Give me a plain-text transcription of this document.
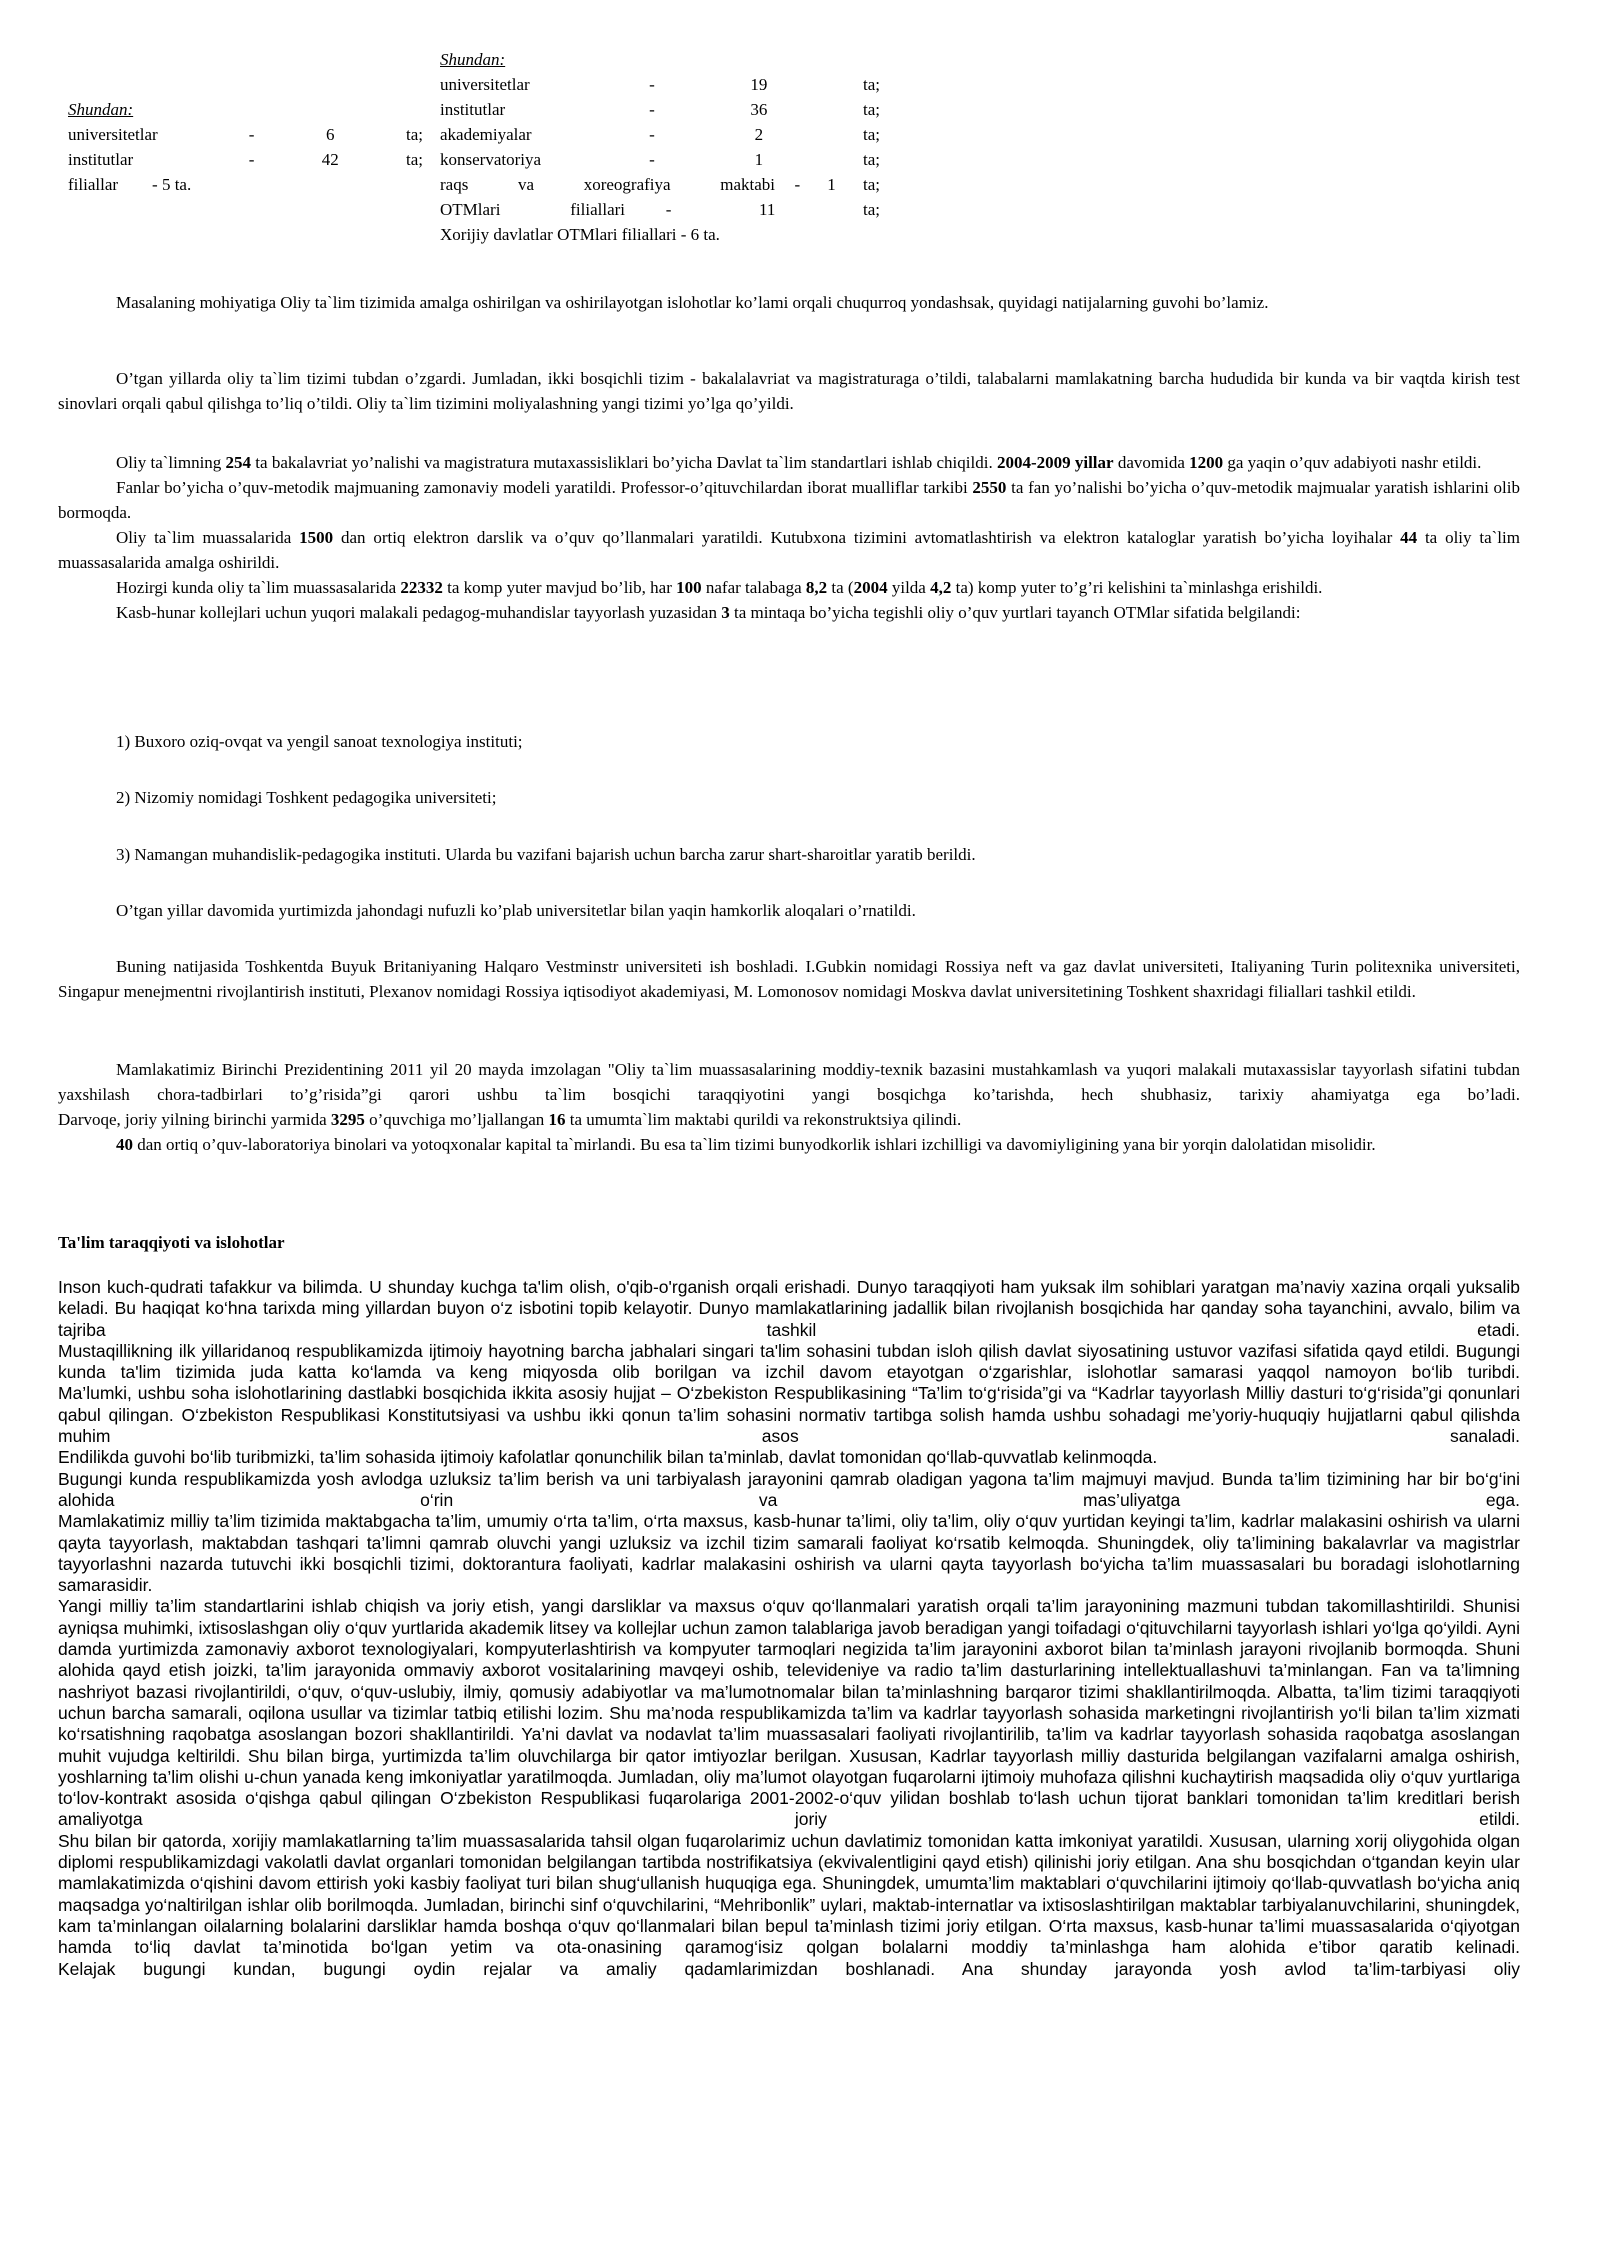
Shundan:
universitetlar	-	6	ta;
institutlar	-	42	ta;
filiallar        - 5 ta.
Shundan:
universitetlar	-	19	ta;
institutlar	-	36	ta;
akademiyalar	-	2	ta;
konservatoriya	-	1	ta;
raqs va xoreografiya maktabi -	1	ta;
OTMlari filiallari -	11	ta;
Xorijiy davlatlar OTMlari filiallari - 6 ta.

Masalaning mohiyatiga Oliy ta`lim tizimida amalga oshirilgan va oshirilayotgan islohotlar ko’lami orqali chuqurroq yondashsak, quyidagi natijalarning guvohi bo’lamiz.

O’tgan yillarda oliy ta`lim tizimi tubdan o’zgardi. Jumladan, ikki bosqichli tizim - bakalalavriat va magistraturaga o’tildi, talabalarni mamlakatning barcha hududida bir kunda va bir vaqtda kirish test sinovlari orqali qabul qilishga to’liq o’tildi. Oliy ta`lim tizimini moliyalashning yangi tizimi yo’lga qo’yildi.

Oliy ta`limning 254 ta bakalavriat yo’nalishi va magistratura mutaxassisliklari bo’yicha Davlat ta`lim standartlari ishlab chiqildi. 2004-2009 yillar davomida 1200 ga yaqin o’quv adabiyoti nashr etildi.

Fanlar bo’yicha o’quv-metodik majmuaning zamonaviy modeli yaratildi. Professor-o’qituvchilardan iborat mualliflar tarkibi 2550 ta fan yo’nalishi bo’yicha o’quv-metodik majmualar yaratish ishlarini olib bormoqda.

Oliy ta`lim muassalarida 1500 dan ortiq elektron darslik va o’quv qo’llanmalari yaratildi. Kutubxona tizimini avtomatlashtirish va elektron kataloglar yaratish bo’yicha loyihalar 44 ta oliy ta`lim muassasalarida amalga oshirildi.

Hozirgi kunda oliy ta`lim muassasalarida 22332 ta komp yuter mavjud bo’lib, har 100 nafar talabaga 8,2 ta (2004 yilda 4,2 ta) komp yuter to’g’ri kelishini ta`minlashga erishildi.

Kasb-hunar kollejlari uchun yuqori malakali pedagog-muhandislar tayyorlash yuzasidan 3 ta mintaqa bo’yicha tegishli oliy o’quv yurtlari tayanch OTMlar sifatida belgilandi:

1) Buxoro oziq-ovqat va yengil sanoat texnologiya instituti;

2) Nizomiy nomidagi Toshkent pedagogika universiteti;

3) Namangan muhandislik-pedagogika instituti. Ularda bu vazifani bajarish uchun barcha zarur shart-sharoitlar yaratib berildi.

O’tgan yillar davomida yurtimizda jahondagi nufuzli ko’plab universitetlar bilan yaqin hamkorlik aloqalari o’rnatildi.

Buning natijasida Toshkentda Buyuk Britaniyaning Halqaro Vestminstr universiteti ish boshladi. I.Gubkin nomidagi Rossiya neft va gaz davlat universiteti, Italiyaning Turin politexnika universiteti, Singapur menejmentni rivojlantirish instituti, Plexanov nomidagi Rossiya iqtisodiyot akademiyasi, M. Lomonosov nomidagi Moskva davlat universitetining Toshkent shaxridagi filiallari tashkil etildi.

Mamlakatimiz Birinchi Prezidentining 2011 yil 20 mayda imzolagan "Oliy ta`lim muassasalarining moddiy-texnik bazasini mustahkamlash va yuqori malakali mutaxassislar tayyorlash sifatini tubdan yaxshilash chora-tadbirlari to’g’risida”gi qarori ushbu ta`lim bosqichi taraqqiyotini yangi bosqichga ko’tarishda, hech shubhasiz, tarixiy ahamiyatga ega bo’ladi.

Darvoqe, joriy yilning birinchi yarmida 3295 o’quvchiga mo’ljallangan 16 ta umumta`lim maktabi qurildi va rekonstruktsiya qilindi.

40 dan ortiq o’quv-laboratoriya binolari va yotoqxonalar kapital ta`mirlandi. Bu esa ta`lim tizimi bunyodkorlik ishlari izchilligi va davomiyligining yana bir yorqin dalolatidan misolidir.

Ta'lim taraqqiyoti va islohotlar

Inson kuch-qudrati tafakkur va bilimda. U shunday kuchga ta'lim olish, o'qib-o'rganish orqali erishadi. Dunyo taraqqiyoti ham yuksak ilm sohiblari yaratgan ma’naviy xazina orqali yuksalib keladi. Bu haqiqat ko‘hna tarixda ming yillardan buyon o‘z isbotini topib kelayotir. Dunyo mamlakatlarining jadallik bilan rivojlanish bosqichida har qanday soha tayanchini, avvalo, bilim va tajriba tashkil etadi.

Mustaqillikning ilk yillaridanoq respublikamizda ijtimoiy hayotning barcha jabhalari singari ta'lim sohasini tubdan isloh qilish davlat siyosatining ustuvor vazifasi sifatida qayd etildi. Bugungi kunda ta'lim tizimida juda katta ko‘lamda va keng miqyosda olib borilgan va izchil davom etayotgan o‘zgarishlar, islohotlar samarasi yaqqol namoyon bo‘lib turibdi.

Ma’lumki, ushbu soha islohotlarining dastlabki bosqichida ikkita asosiy hujjat – O‘zbekiston Respublikasining “Ta’lim to‘g‘risida”gi va “Kadrlar tayyorlash Milliy dasturi to‘g‘risida”gi qonunlari qabul qilingan. O‘zbekiston Respublikasi Konstitutsiyasi va ushbu ikki qonun ta’lim sohasini normativ tartibga solish hamda ushbu sohadagi me’yoriy-huquqiy hujjatlarni qabul qilishda muhim asos sanaladi.

Endilikda guvohi bo‘lib turibmizki, ta’lim sohasida ijtimoiy kafolatlar qonunchilik bilan ta’minlab, davlat tomonidan qo‘llab-quvvatlab kelinmoqda.

Bugungi kunda respublikamizda yosh avlodga uzluksiz ta’lim berish va uni tarbiyalash jarayonini qamrab oladigan yagona ta’lim majmuyi mavjud. Bunda ta’lim tizimining har bir bo‘g‘ini alohida o‘rin va mas’uliyatga ega.

Mamlakatimiz milliy ta’lim tizimida maktabgacha ta’lim, umumiy o‘rta ta’lim, o‘rta maxsus, kasb-hunar ta’limi, oliy ta’lim, oliy o‘quv yurtidan keyingi ta’lim, kadrlar malakasini oshirish va ularni qayta tayyorlash, maktabdan tashqari ta’limni qamrab oluvchi yangi uzluksiz va izchil tizim samarali faoliyat ko‘rsatib kelmoqda. Shuningdek, oliy ta’limining bakalavrlar va magistrlar tayyorlashni nazarda tutuvchi ikki bosqichli tizimi, doktorantura faoliyati, kadrlar malakasini oshirish va ularni qayta tayyorlash bo‘yicha ta’lim muassasalari bu boradagi islohotlarning samarasidir.

Yangi milliy ta’lim standartlarini ishlab chiqish va joriy etish, yangi darsliklar va maxsus o‘quv qo‘llanmalari yaratish orqali ta’lim jarayonining mazmuni tubdan takomillashtirildi. Shunisi ayniqsa muhimki, ixtisoslashgan oliy o‘quv yurtlarida akademik litsey va kollejlar uchun zamon talablariga javob beradigan yangi toifadagi o‘qituvchilarni tayyorlash ishlari yo‘lga qo‘yildi. Ayni damda yurtimizda zamonaviy axborot texnologiyalari, kompyuterlashtirish va kompyuter tarmoqlari negizida ta’lim jarayonini axborot bilan ta’minlash jarayoni rivojlanib bormoqda. Shuni alohida qayd etish joizki, ta’lim jarayonida ommaviy axborot vositalarining mavqeyi oshib, televideniye va radio ta’lim dasturlarining intellektuallashuvi ta’minlangan. Fan va ta’limning nashriyot bazasi rivojlantirildi, o‘quv, o‘quv-uslubiy, ilmiy, qomusiy adabiyotlar va ma’lumotnomalar bilan ta’minlashning barqaror tizimi shakllantirilmoqda. Albatta, ta’lim tizimi taraqqiyoti uchun barcha samarali, oqilona usullar va tizimlar tatbiq etilishi lozim. Shu ma’noda respublikamizda ta’lim va kadrlar tayyorlash sohasida marketingni rivojlantirish yo‘li bilan ta’lim xizmati ko‘rsatishning raqobatga asoslangan bozori shakllantirildi. Ya’ni davlat va nodavlat ta’lim muassasalari faoliyati rivojlantirilib, ta’lim va kadrlar tayyorlash sohasida raqobatga asoslangan muhit vujudga keltirildi. Shu bilan birga, yurtimizda ta’lim oluvchilarga bir qator imtiyozlar berilgan. Xususan, Kadrlar tayyorlash milliy dasturida belgilangan vazifalarni amalga oshirish, yoshlarning ta’lim olishi u-chun yanada keng imkoniyatlar yaratilmoqda. Jumladan, oliy ma’lumot olayotgan fuqarolarni ijtimoiy muhofaza qilishni kuchaytirish maqsadida oliy o‘quv yurtlariga to‘lov-kontrakt asosida o‘qishga qabul qilingan O‘zbekiston Respublikasi fuqarolariga 2001-2002-o‘quv yilidan boshlab to‘lash uchun tijorat banklari tomonidan ta’lim kreditlari berish amaliyotga joriy etildi.

Shu bilan bir qatorda, xorijiy mamlakatlarning ta’lim muassasalarida tahsil olgan fuqarolarimiz uchun davlatimiz tomonidan katta imkoniyat yaratildi. Xususan, ularning xorij oliygohida olgan diplomi respublikamizdagi vakolatli davlat organlari tomonidan belgilangan tartibda nostrifikatsiya (ekvivalentligini qayd etish) qilinishi joriy etilgan. Ana shu bosqichdan o‘tgandan keyin ular mamlakatimizda o‘qishini davom ettirish yoki kasbiy faoliyat turi bilan shug‘ullanish huquqiga ega. Shuningdek, umumta’lim maktablari o‘quvchilarini ijtimoiy qo‘llab-quvvatlash bo‘yicha aniq maqsadga yo‘naltirilgan ishlar olib borilmoqda. Jumladan, birinchi sinf o‘quvchilarini, “Mehribonlik” uylari, maktab-internatlar va ixtisoslashtirilgan maktablar tarbiyalanuvchilarini, shuningdek, kam ta’minlangan oilalarning bolalarini darsliklar hamda boshqa o‘quv qo‘llanmalari bilan bepul ta’minlash tizimi joriy etilgan. O‘rta maxsus, kasb-hunar ta’limi muassasalarida o‘qiyotgan hamda to‘liq davlat ta’minotida bo‘lgan yetim va ota-onasining qaramog‘isiz qolgan bolalarni moddiy ta’minlashga ham alohida e’tibor qaratib kelinadi.

Kelajak bugungi kundan, bugungi oydin rejalar va amaliy qadamlarimizdan boshlanadi. Ana shunday jarayonda yosh avlod ta’lim-tarbiyasi oliy
